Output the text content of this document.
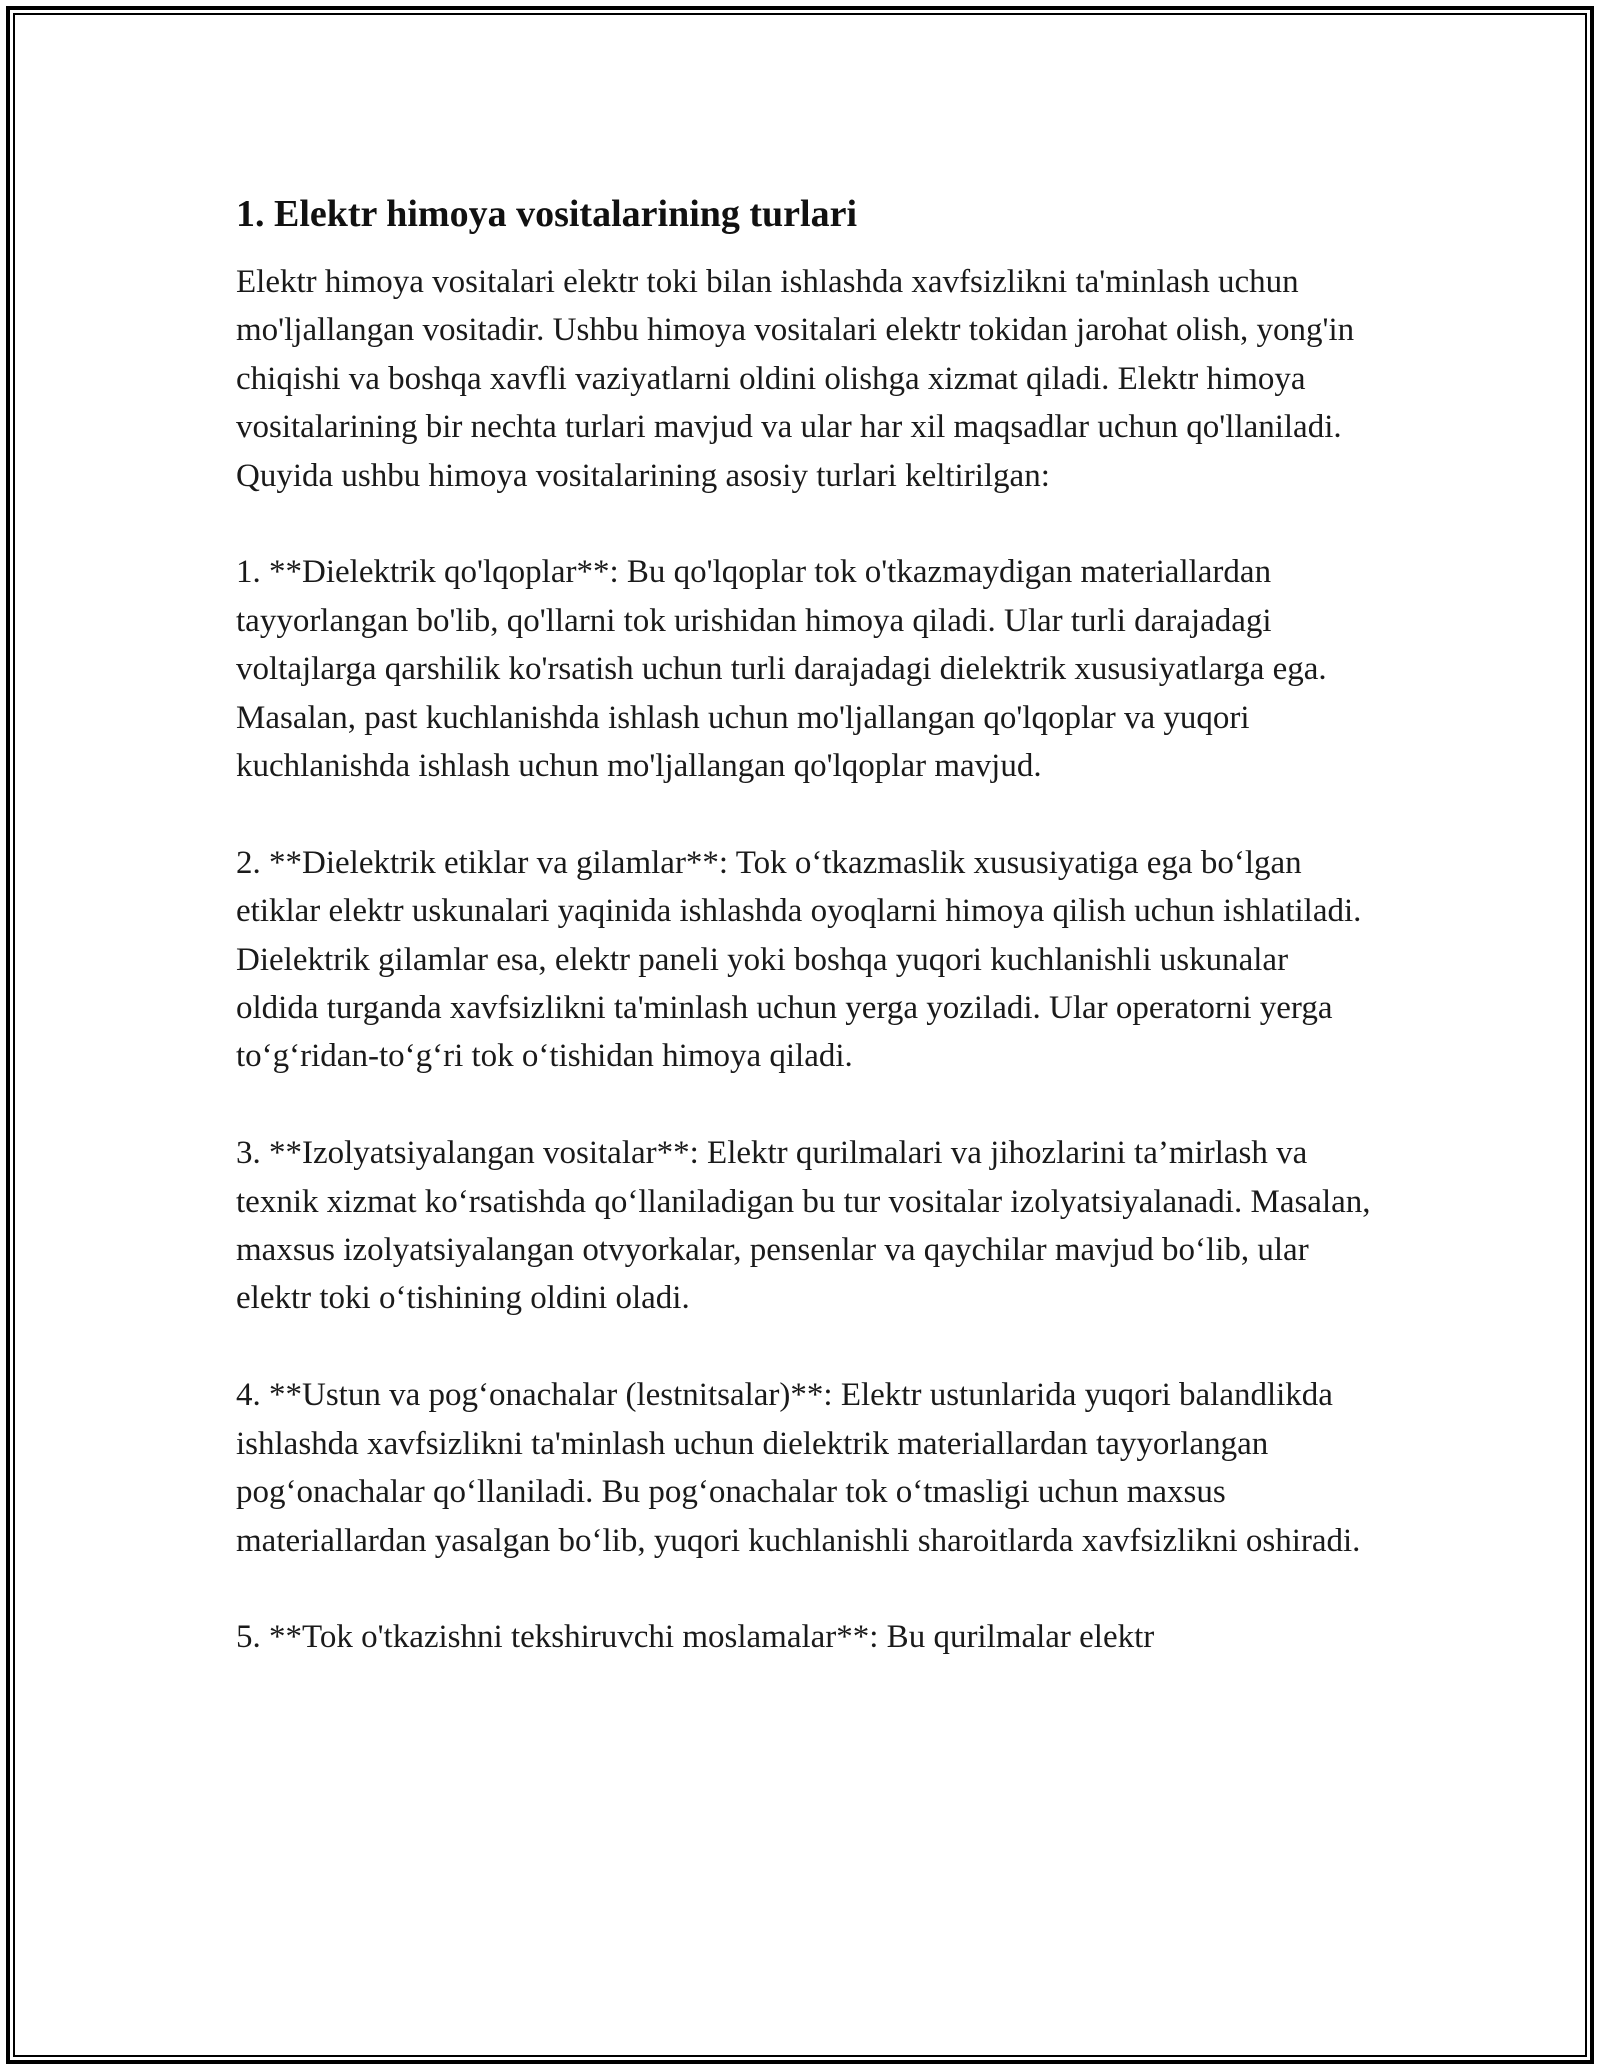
1. Elektr himoya vositalarining turlari

Elektr himoya vositalari elektr toki bilan ishlashda xavfsizlikni ta'minlash uchun mo'ljallangan vositadir. Ushbu himoya vositalari elektr tokidan jarohat olish, yong'in chiqishi va boshqa xavfli vaziyatlarni oldini olishga xizmat qiladi. Elektr himoya vositalarining bir nechta turlari mavjud va ular har xil maqsadlar uchun qo'llaniladi. Quyida ushbu himoya vositalarining asosiy turlari keltirilgan:

1. **Dielektrik qo'lqoplar**: Bu qo'lqoplar tok o'tkazmaydigan materiallardan tayyorlangan bo'lib, qo'llarni tok urishidan himoya qiladi. Ular turli darajadagi voltajlarga qarshilik ko'rsatish uchun turli darajadagi dielektrik xususiyatlarga ega. Masalan, past kuchlanishda ishlash uchun mo'ljallangan qo'lqoplar va yuqori kuchlanishda ishlash uchun mo'ljallangan qo'lqoplar mavjud.

2. **Dielektrik etiklar va gilamlar**: Tok o‘tkazmaslik xususiyatiga ega bo‘lgan etiklar elektr uskunalari yaqinida ishlashda oyoqlarni himoya qilish uchun ishlatiladi. Dielektrik gilamlar esa, elektr paneli yoki boshqa yuqori kuchlanishli uskunalar oldida turganda xavfsizlikni ta'minlash uchun yerga yoziladi. Ular operatorni yerga to‘g‘ridan-to‘g‘ri tok o‘tishidan himoya qiladi.

3. **Izolyatsiyalangan vositalar**: Elektr qurilmalari va jihozlarini ta’mirlash va texnik xizmat ko‘rsatishda qo‘llaniladigan bu tur vositalar izolyatsiyalanadi. Masalan, maxsus izolyatsiyalangan otvyorkalar, pensenlar va qaychilar mavjud bo‘lib, ular elektr toki o‘tishining oldini oladi.

4. **Ustun va pog‘onachalar (lestnitsalar)**: Elektr ustunlarida yuqori balandlikda ishlashda xavfsizlikni ta'minlash uchun dielektrik materiallardan tayyorlangan pog‘onachalar qo‘llaniladi. Bu pog‘onachalar tok o‘tmasligi uchun maxsus materiallardan yasalgan bo‘lib, yuqori kuchlanishli sharoitlarda xavfsizlikni oshiradi.

5. **Tok o'tkazishni tekshiruvchi moslamalar**: Bu qurilmalar elektr
